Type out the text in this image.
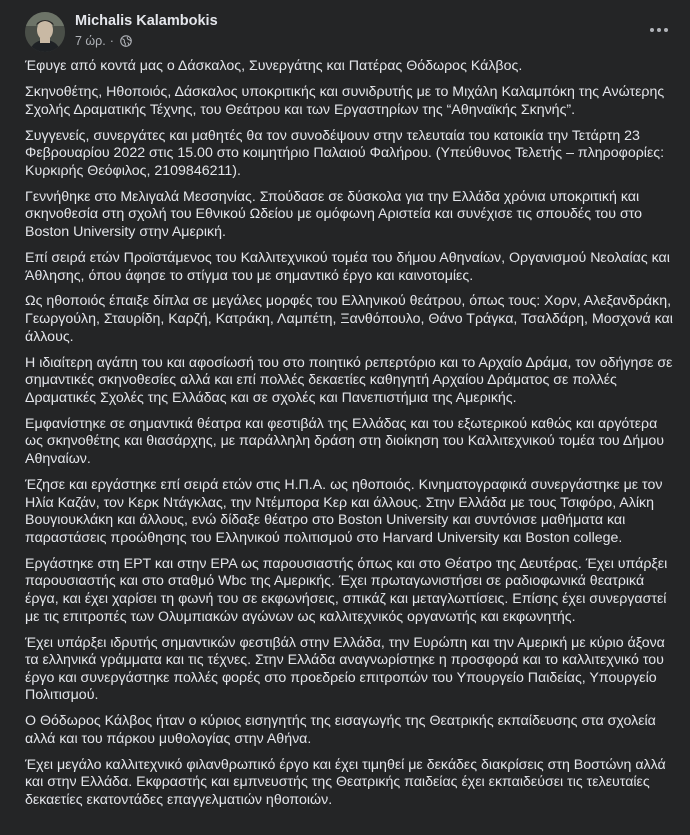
Michalis Kalambokis
7 ώρ. ·

Έφυγε από κοντά μας ο Δάσκαλος, Συνεργάτης και Πατέρας Θόδωρος Κάλβος.

Σκηνοθέτης, Ηθοποιός, Δάσκαλος υποκριτικής και συνιδρυτής με το Μιχάλη Καλαμπόκη της Ανώτερης Σχολής Δραματικής Τέχνης, του Θεάτρου και των Εργαστηρίων της “Αθηναϊκής Σκηνής”.

Συγγενείς, συνεργάτες και μαθητές θα τον συνοδέψουν στην τελευταία του κατοικία την Τετάρτη 23 Φεβρουαρίου 2022 στις 15.00 στο κοιμητήριο Παλαιού Φαλήρου. (Υπεύθυνος Τελετής – πληροφορίες: Κυρκιρής Θεόφιλος, 2109846211).

Γεννήθηκε στο Μελιγαλά Μεσσηνίας. Σπούδασε σε δύσκολα για την Ελλάδα χρόνια υποκριτική και σκηνοθεσία στη σχολή του Εθνικού Ωδείου με ομόφωνη Αριστεία και συνέχισε τις σπουδές του στο Boston University στην Αμερική.

Επί σειρά ετών Προϊστάμενος του Καλλιτεχνικού τομέα του δήμου Αθηναίων, Οργανισμού Νεολαίας και Άθλησης, όπου άφησε το στίγμα του με σημαντικό έργο και καινοτομίες.

Ως ηθοποιός έπαιξε δίπλα σε μεγάλες μορφές του Ελληνικού θεάτρου, όπως τους: Χορν, Αλεξανδράκη, Γεωργούλη, Σταυρίδη, Καρζή, Κατράκη, Λαμπέτη, Ξανθόπουλο, Θάνο Τράγκα, Τσαλδάρη, Μοσχονά και άλλους.

Η ιδιαίτερη αγάπη του και αφοσίωσή του στο ποιητικό ρεπερτόριο και το Αρχαίο Δράμα, τον οδήγησε σε σημαντικές σκηνοθεσίες αλλά και επί πολλές δεκαετίες καθηγητή Αρχαίου Δράματος σε πολλές Δραματικές Σχολές της Ελλάδας και σε σχολές και Πανεπιστήμια της Αμερικής.

Εμφανίστηκε σε σημαντικά θέατρα και φεστιβάλ της Ελλάδας και του εξωτερικού καθώς και αργότερα ως σκηνοθέτης και θιασάρχης, με παράλληλη δράση στη διοίκηση του Καλλιτεχνικού τομέα του Δήμου Αθηναίων.

Έζησε και εργάστηκε επί σειρά ετών στις Η.Π.Α. ως ηθοποιός. Κινηματογραφικά συνεργάστηκε με τον Ηλία Καζάν, τον Κερκ Ντάγκλας, την Ντέμπορα Κερ και άλλους. Στην Ελλάδα με τους Τσιφόρο, Αλίκη Βουγιουκλάκη και άλλους, ενώ δίδαξε θέατρο στο Boston University και συντόνισε μαθήματα και παραστάσεις προώθησης του Ελληνικού πολιτισμού στο Harvard University και Boston college.

Εργάστηκε στη ΕΡΤ και στην ΕΡΑ ως παρουσιαστής όπως και στο Θέατρο της Δευτέρας. Έχει υπάρξει παρουσιαστής και στο σταθμό Wbc της Αμερικής. Έχει πρωταγωνιστήσει σε ραδιοφωνικά θεατρικά έργα, και έχει χαρίσει τη φωνή του σε εκφωνήσεις, σπικάζ και μεταγλωττίσεις. Επίσης έχει συνεργαστεί με τις επιτροπές των Ολυμπιακών αγώνων ως καλλιτεχνικός οργανωτής και εκφωνητής.

Έχει υπάρξει ιδρυτής σημαντικών φεστιβάλ στην Ελλάδα, την Ευρώπη και την Αμερική με κύριο άξονα τα ελληνικά γράμματα και τις τέχνες. Στην Ελλάδα αναγνωρίστηκε η προσφορά και το καλλιτεχνικό του έργο και συνεργάστηκε πολλές φορές στο προεδρείο επιτροπών του Υπουργείο Παιδείας, Υπουργείο Πολιτισμού.

Ο Θόδωρος Κάλβος ήταν ο κύριος εισηγητής της εισαγωγής της Θεατρικής εκπαίδευσης στα σχολεία αλλά και του πάρκου μυθολογίας στην Αθήνα.

Έχει μεγάλο καλλιτεχνικό φιλανθρωπικό έργο και έχει τιμηθεί με δεκάδες διακρίσεις στη Βοστώνη αλλά και στην Ελλάδα. Εκφραστής και εμπνευστής της Θεατρικής παιδείας έχει εκπαιδεύσει τις τελευταίες δεκαετίες εκατοντάδες επαγγελματιών ηθοποιών.
